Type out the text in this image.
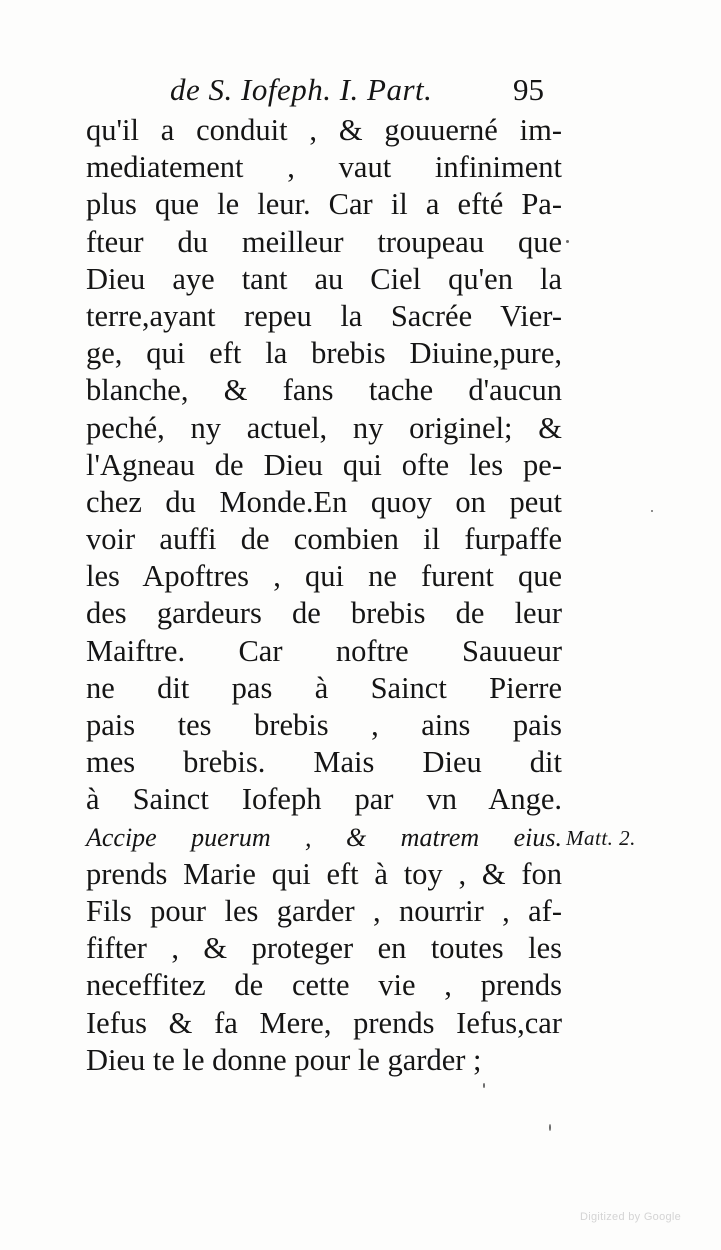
de S. Iofeph. I. Part.	95
qu'il a conduit , & gouuerné im-
mediatement , vaut infiniment
plus que le leur. Car il a efté Pa-
fteur du meilleur troupeau que
Dieu aye tant au Ciel qu'en la
terre,ayant repeu la Sacrée Vier-
ge, qui eft la brebis Diuine,pure,
blanche, & fans tache d'aucun
peché, ny actuel, ny originel; &
l'Agneau de Dieu qui ofte les pe-
chez du Monde.En quoy on peut
voir auffi de combien il furpaffe
les Apoftres , qui ne furent que
des gardeurs de brebis de leur
Maiftre. Car noftre Sauueur
ne dit pas à Sainct Pierre
pais tes brebis , ains pais
mes brebis. Mais Dieu dit
à Sainct Iofeph par vn Ange.
Accipe puerum , & matrem eius.
prends Marie qui eft à toy , & fon
Fils pour les garder , nourrir , af-
fifter , & proteger en toutes les
neceffitez de cette vie , prends
Iefus & fa Mere, prends Iefus,car
Dieu te le donne pour le garder ;
Matt. 2.
Digitized by Google
